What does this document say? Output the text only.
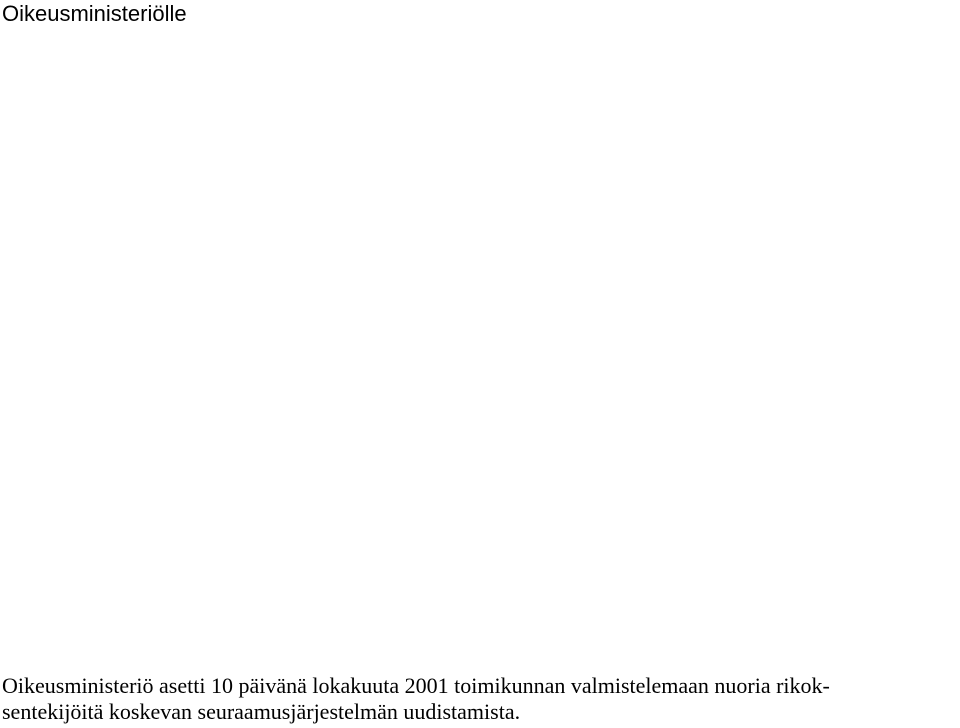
Oikeusministeriölle

Oikeusministeriö asetti 10 päivänä lokakuuta 2001 toimikunnan valmistelemaan nuoria rikok-
sentekijöitä koskevan seuraamusjärjestelmän uudistamista.
